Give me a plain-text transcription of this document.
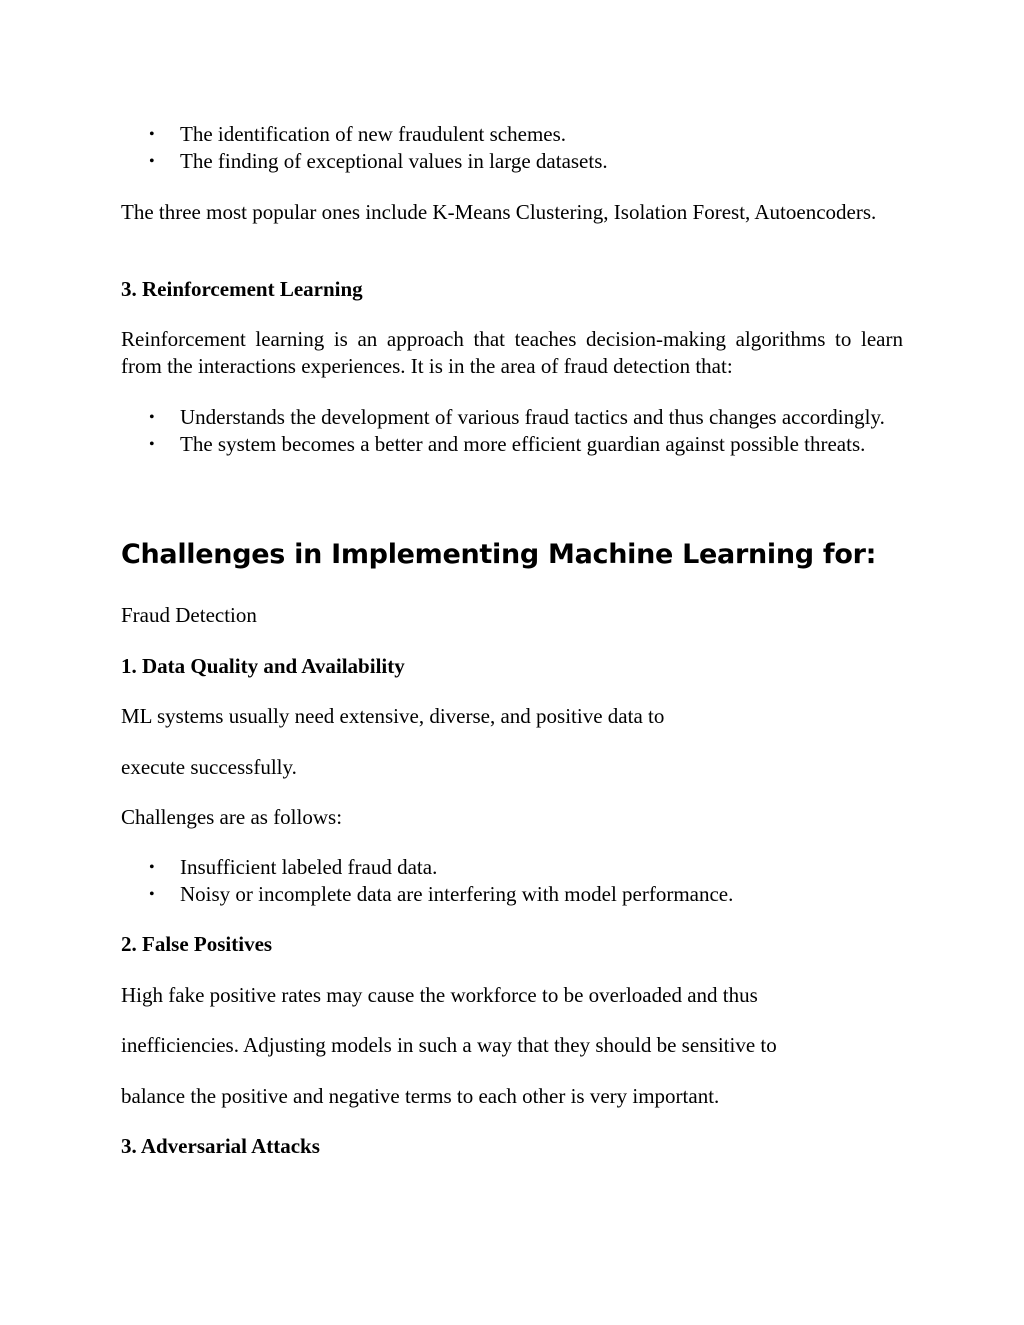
• The identification of new fraudulent schemes.
• The finding of exceptional values in large datasets.

The three most popular ones include K-Means Clustering, Isolation Forest, Autoencoders.

3. Reinforcement Learning

Reinforcement learning is an approach that teaches decision-making algorithms to learn from the interactions experiences. It is in the area of fraud detection that:

• Understands the development of various fraud tactics and thus changes accordingly.
• The system becomes a better and more efficient guardian against possible threats.

Challenges in Implementing Machine Learning for:

Fraud Detection

1. Data Quality and Availability

ML systems usually need extensive, diverse, and positive data to

execute successfully.

Challenges are as follows:

• Insufficient labeled fraud data.
• Noisy or incomplete data are interfering with model performance.

2. False Positives

High fake positive rates may cause the workforce to be overloaded and thus

inefficiencies. Adjusting models in such a way that they should be sensitive to

balance the positive and negative terms to each other is very important.

3. Adversarial Attacks
